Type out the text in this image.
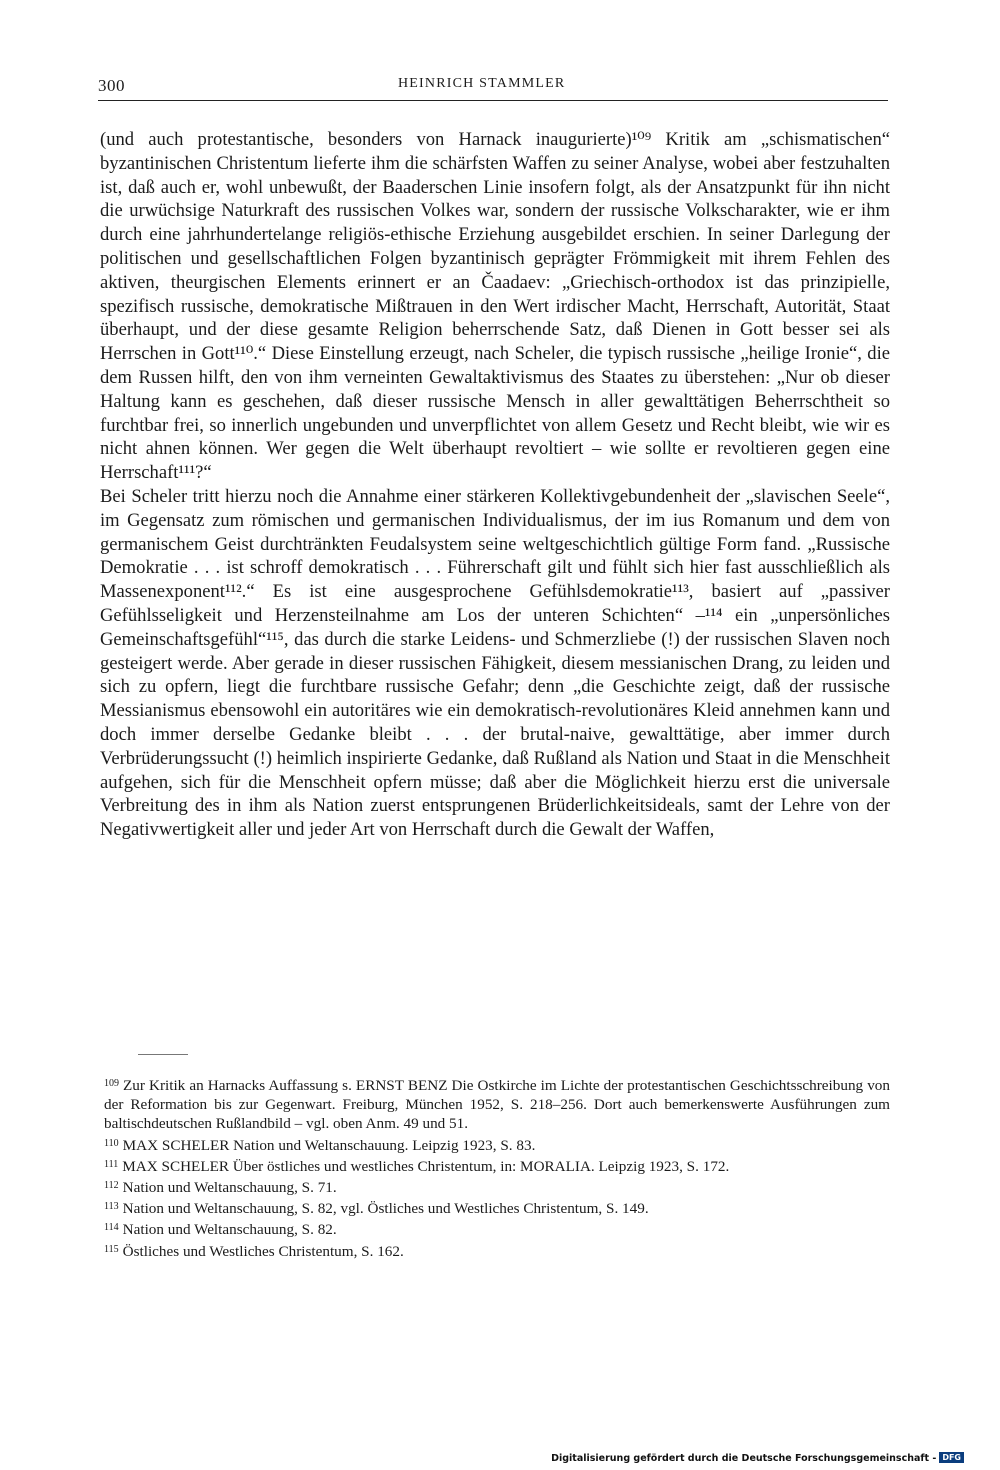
300	HEINRICH STAMMLER

(und auch protestantische, besonders von Harnack inaugurierte)¹⁰⁹ Kritik am „schismatischen“ byzantinischen Christentum lieferte ihm die schärfsten Waffen zu seiner Analyse, wobei aber festzuhalten ist, daß auch er, wohl unbewußt, der Baaderschen Linie insofern folgt, als der Ansatzpunkt für ihn nicht die urwüchsige Naturkraft des russischen Volkes war, sondern der russische Volkscharakter, wie er ihm durch eine jahrhundertelange religiös-ethische Erziehung ausgebildet erschien. In seiner Darlegung der politischen und gesellschaftlichen Folgen byzantinisch geprägter Frömmigkeit mit ihrem Fehlen des aktiven, theurgischen Elements erinnert er an Čaadaev: „Griechisch-orthodox ist das prinzipielle, spezifisch russische, demokratische Mißtrauen in den Wert irdischer Macht, Herrschaft, Autorität, Staat überhaupt, und der diese gesamte Religion beherrschende Satz, daß Dienen in Gott besser sei als Herrschen in Gott¹¹⁰.“ Diese Einstellung erzeugt, nach Scheler, die typisch russische „heilige Ironie“, die dem Russen hilft, den von ihm verneinten Gewaltaktivismus des Staates zu überstehen: „Nur ob dieser Haltung kann es geschehen, daß dieser russische Mensch in aller gewalttätigen Beherrschtheit so furchtbar frei, so innerlich ungebunden und unverpflichtet von allem Gesetz und Recht bleibt, wie wir es nicht ahnen können. Wer gegen die Welt überhaupt revoltiert – wie sollte er revoltieren gegen eine Herrschaft¹¹¹?“

Bei Scheler tritt hierzu noch die Annahme einer stärkeren Kollektivgebundenheit der „slavischen Seele“, im Gegensatz zum römischen und germanischen Individualismus, der im ius Romanum und dem von germanischem Geist durchtränkten Feudalsystem seine weltgeschichtlich gültige Form fand. „Russische Demokratie . . . ist schroff demokratisch . . . Führerschaft gilt und fühlt sich hier fast ausschließlich als Massenexponent¹¹².“ Es ist eine ausgesprochene Gefühlsdemokratie¹¹³, basiert auf „passiver Gefühlsseligkeit und Herzensteilnahme am Los der unteren Schichten“ –¹¹⁴ ein „unpersönliches Gemeinschaftsgefühl“¹¹⁵, das durch die starke Leidens- und Schmerzliebe (!) der russischen Slaven noch gesteigert werde. Aber gerade in dieser russischen Fähigkeit, diesem messianischen Drang, zu leiden und sich zu opfern, liegt die furchtbare russische Gefahr; denn „die Geschichte zeigt, daß der russische Messianismus ebensowohl ein autoritäres wie ein demokratisch-revolutionäres Kleid annehmen kann und doch immer derselbe Gedanke bleibt . . . der brutal-naive, gewalttätige, aber immer durch Verbrüderungssucht (!) heimlich inspirierte Gedanke, daß Rußland als Nation und Staat in die Menschheit aufgehen, sich für die Menschheit opfern müsse; daß aber die Möglichkeit hierzu erst die universale Verbreitung des in ihm als Nation zuerst entsprungenen Brüderlichkeitsideals, samt der Lehre von der Negativwertigkeit aller und jeder Art von Herrschaft durch die Gewalt der Waffen,

$^{109}$ Zur Kritik an Harnacks Auffassung s. ERNST BENZ Die Ostkirche im Lichte der protestantischen Geschichtsschreibung von der Reformation bis zur Gegenwart. Freiburg, München 1952, S. 218–256. Dort auch bemerkenswerte Ausführungen zum baltischdeutschen Rußlandbild – vgl. oben Anm. 49 und 51.

$^{110}$ MAX SCHELER Nation und Weltanschauung. Leipzig 1923, S. 83.

$^{111}$ MAX SCHELER Über östliches und westliches Christentum, in: MORALIA. Leipzig 1923, S. 172.

$^{112}$ Nation und Weltanschauung, S. 71.

$^{113}$ Nation und Weltanschauung, S. 82, vgl. Östliches und Westliches Christentum, S. 149.

$^{114}$ Nation und Weltanschauung, S. 82.

$^{115}$ Östliches und Westliches Christentum, S. 162.

Digitalisierung gefördert durch die Deutsche Forschungsgemeinschaft - DFG
